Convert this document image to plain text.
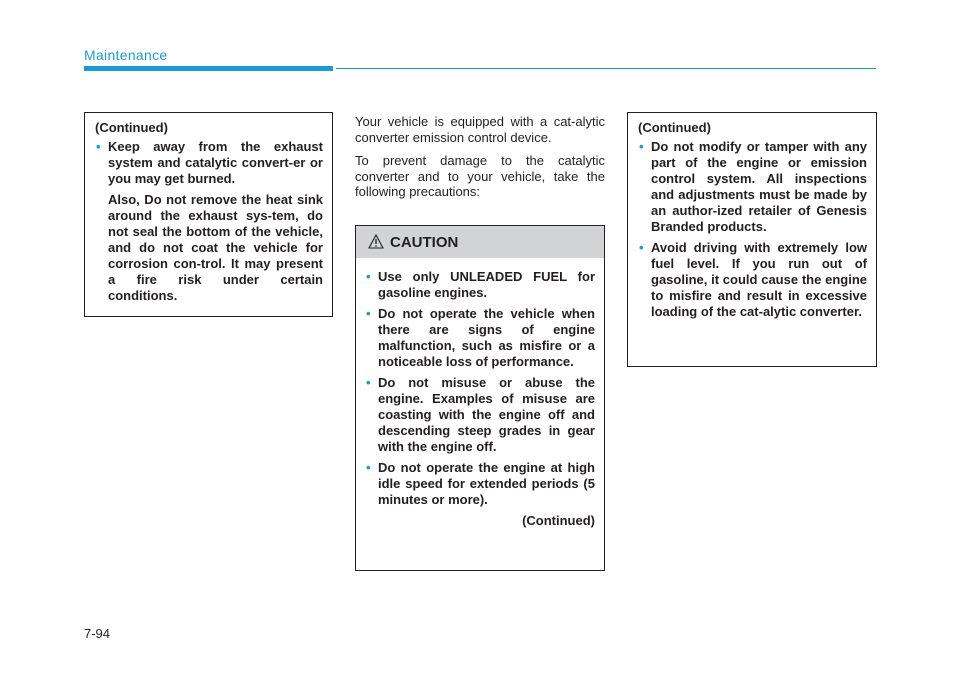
Maintenance
(Continued)
• Keep away from the exhaust system and catalytic convert-er or you may get burned.

Also, Do not remove the heat sink around the exhaust sys-tem, do not seal the bottom of the vehicle, and do not coat the vehicle for corrosion con-trol. It may present a fire risk under certain conditions.

Your vehicle is equipped with a cat-alytic converter emission control device.

To prevent damage to the catalytic converter and to your vehicle, take the following precautions:

CAUTION
• Use only UNLEADED FUEL for gasoline engines.

• Do not operate the vehicle when there are signs of engine malfunction, such as misfire or a noticeable loss of performance.

• Do not misuse or abuse the engine. Examples of misuse are coasting with the engine off and descending steep grades in gear with the engine off.

• Do not operate the engine at high idle speed for extended periods (5 minutes or more).

(Continued)
(Continued)
• Do not modify or tamper with any part of the engine or emission control system. All inspections and adjustments must be made by an author-ized retailer of Genesis Branded products.

• Avoid driving with extremely low fuel level. If you run out of gasoline, it could cause the engine to misfire and result in excessive loading of the cat-alytic converter.

7-94
